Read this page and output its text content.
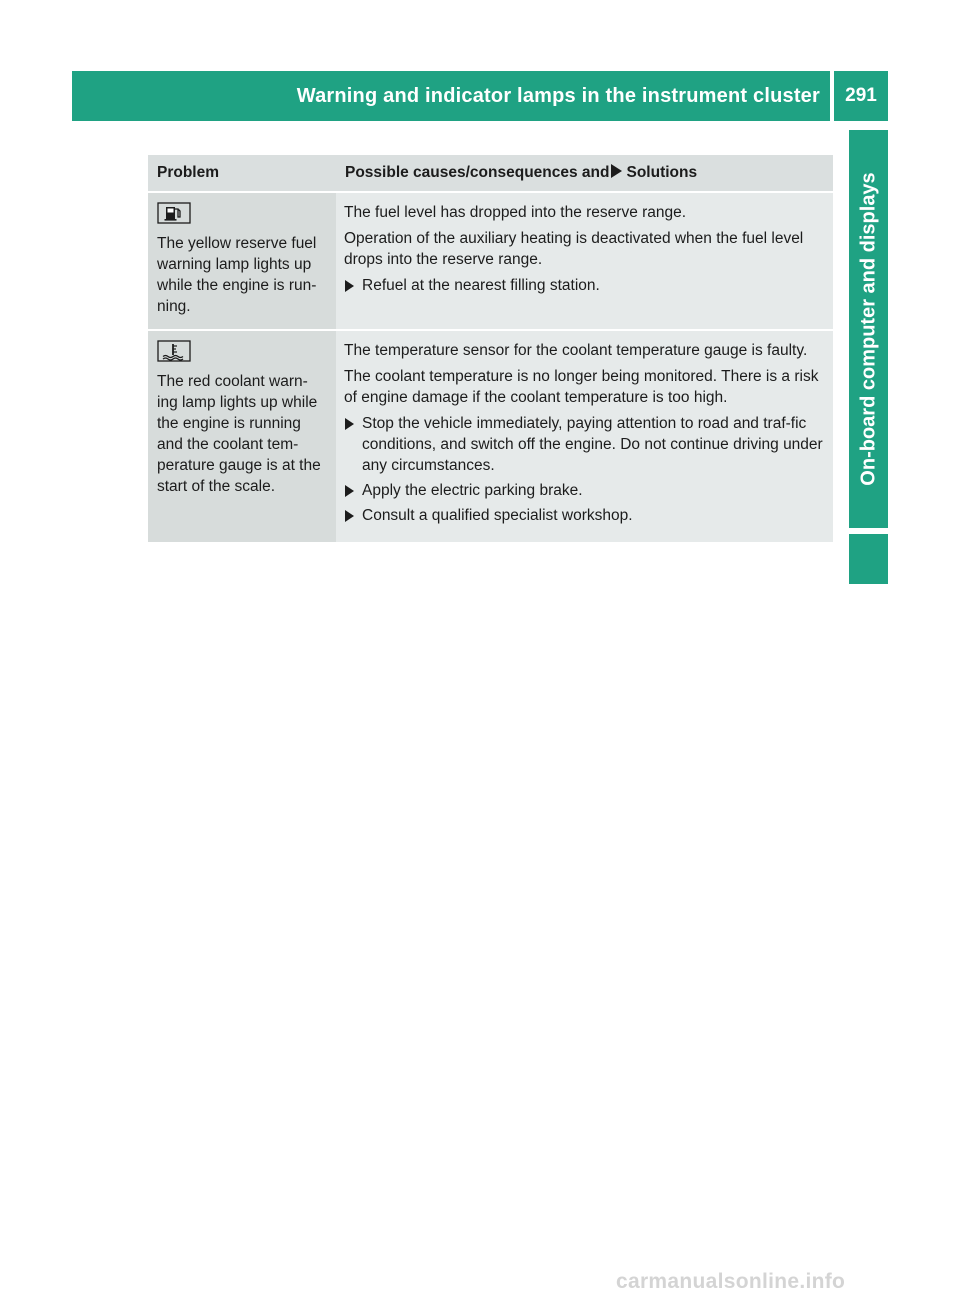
Warning and indicator lamps in the instrument cluster	291
On-board computer and displays
Problem	Possible causes/consequences and Solutions

The yellow reserve fuel warning lamp lights up while the engine is run-ning.	The fuel level has dropped into the reserve range.

Operation of the auxiliary heating is deactivated when the fuel level drops into the reserve range.

Refuel at the nearest filling station.

The red coolant warn-ing lamp lights up while the engine is running and the coolant tem-perature gauge is at the start of the scale.	The temperature sensor for the coolant temperature gauge is faulty.

The coolant temperature is no longer being monitored. There is a risk of engine damage if the coolant temperature is too high.

Stop the vehicle immediately, paying attention to road and traf-fic conditions, and switch off the engine. Do not continue driving under any circumstances.
Apply the electric parking brake.
Consult a qualified specialist workshop.
carmanualsonline.info
